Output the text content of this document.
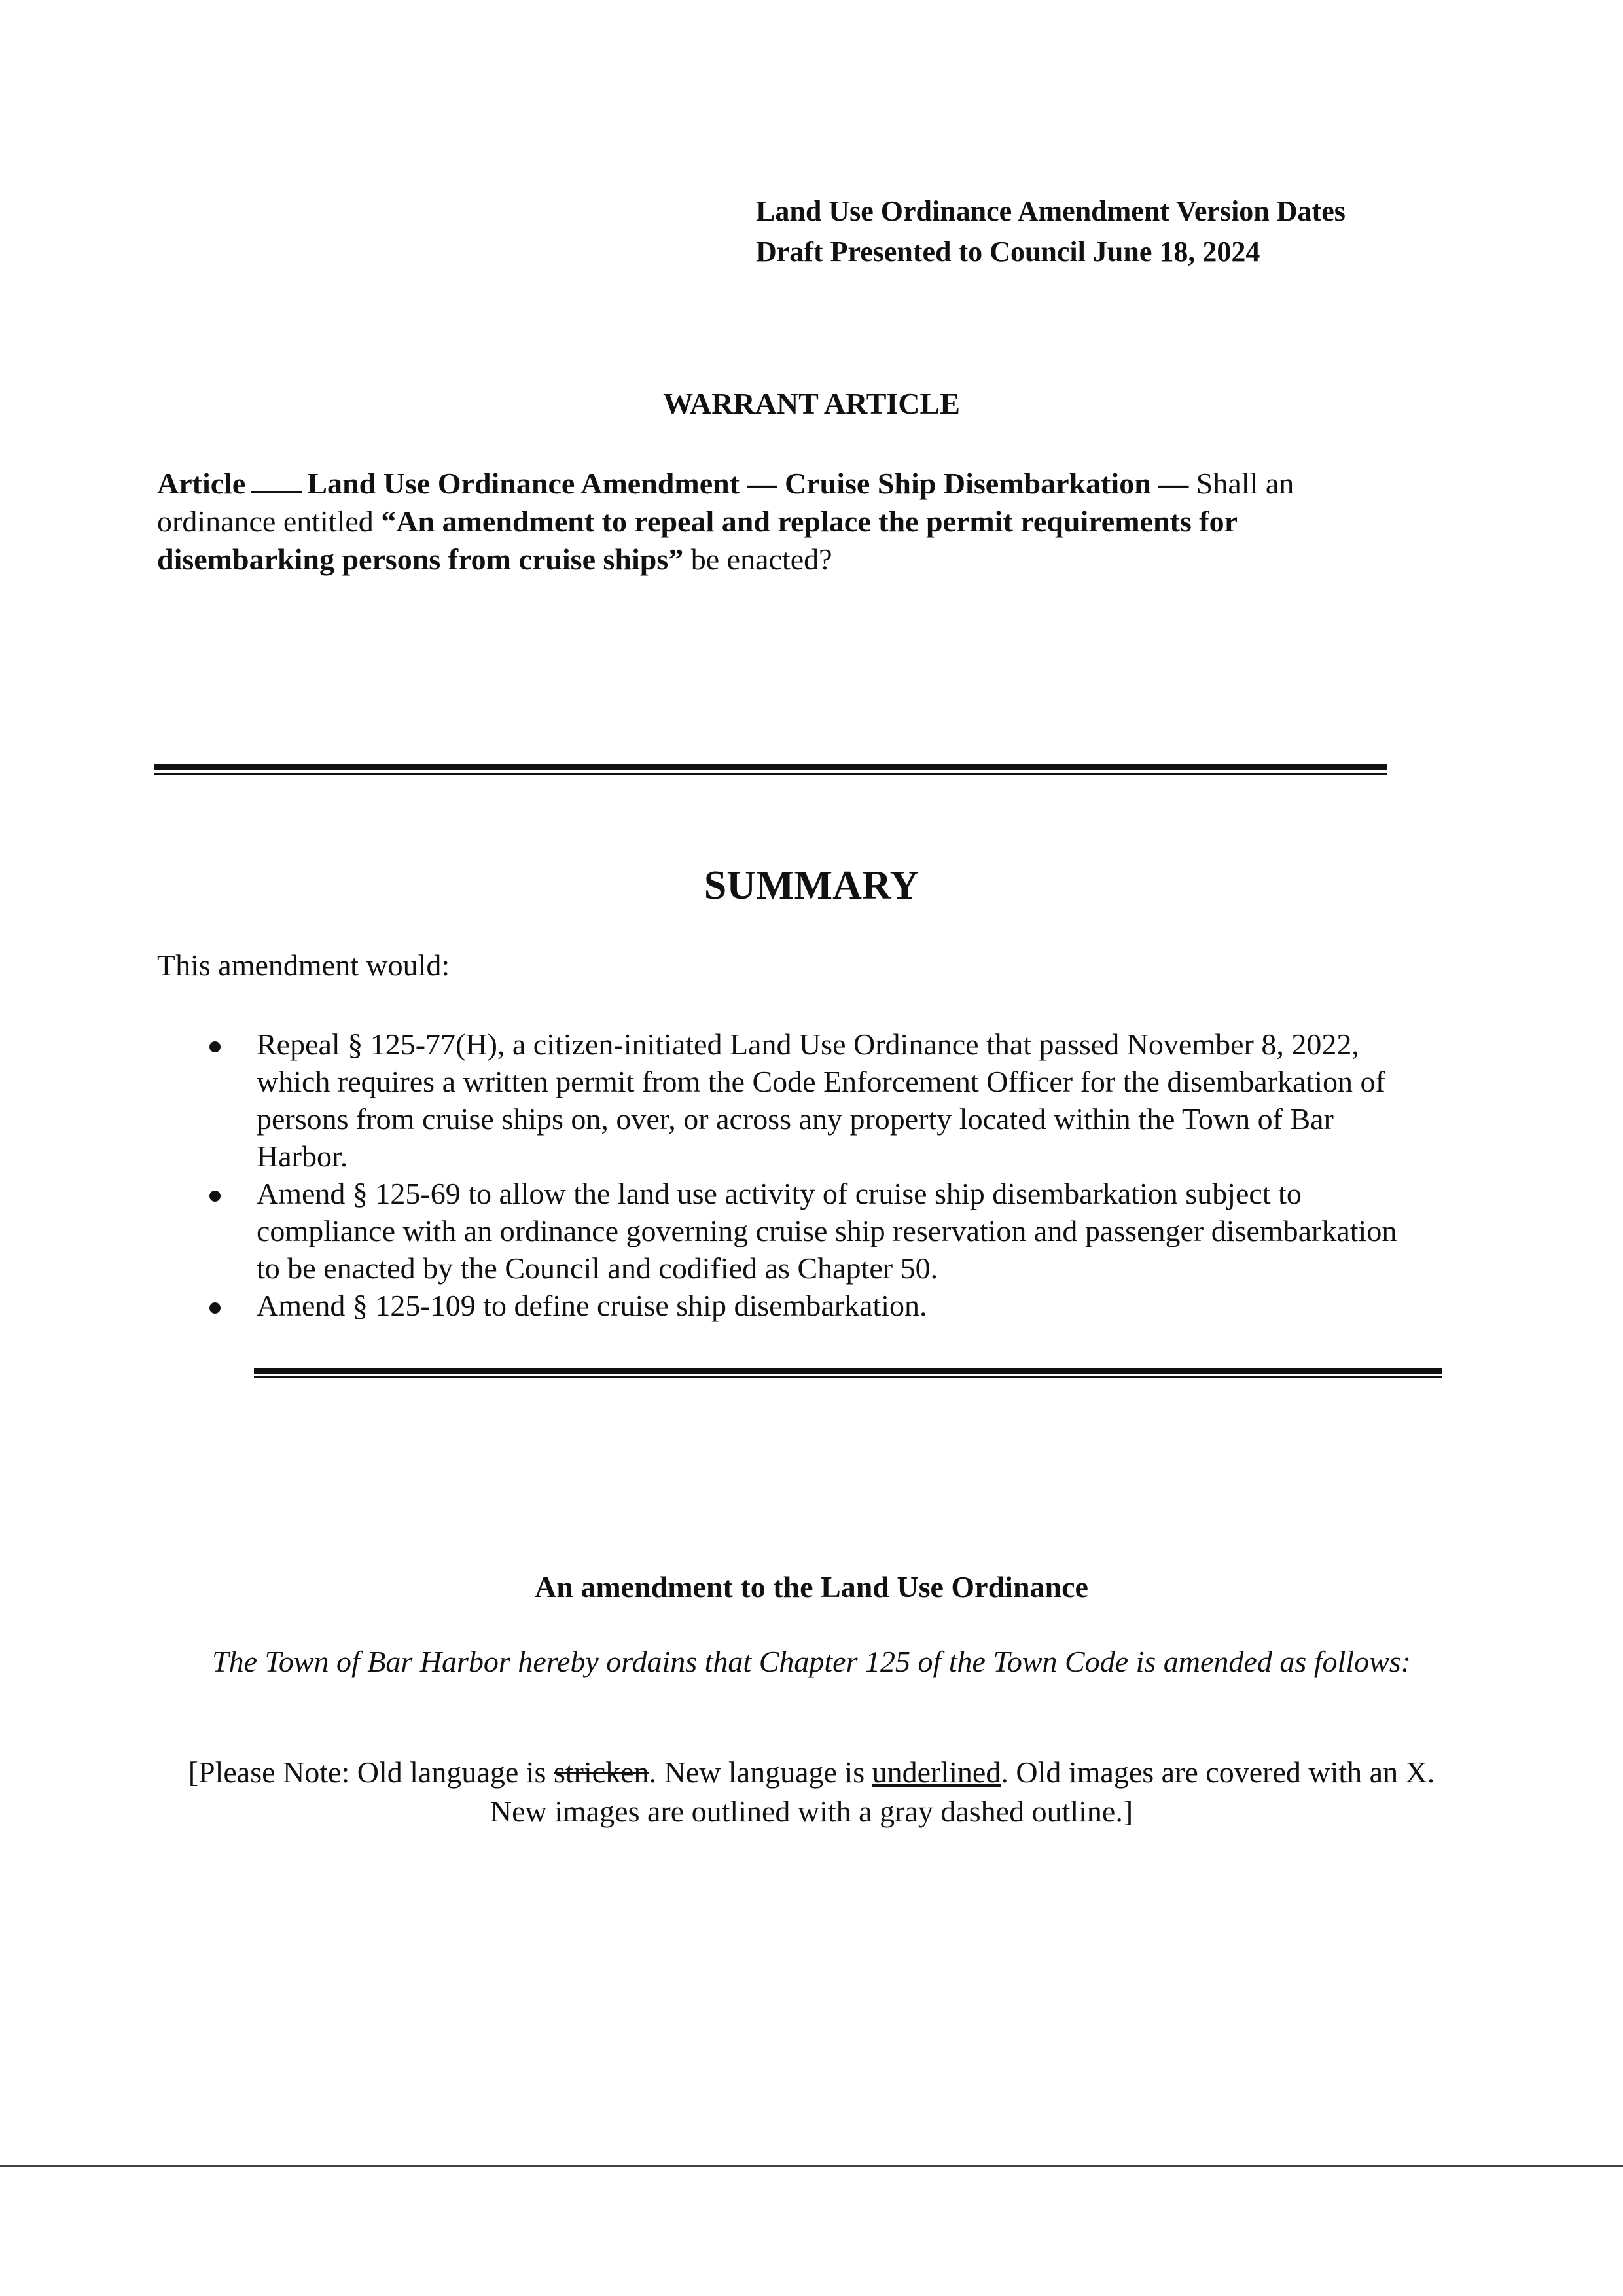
Land Use Ordinance Amendment Version Dates
Draft Presented to Council June 18, 2024
WARRANT ARTICLE
Article Land Use Ordinance Amendment — Cruise Ship Disembarkation — Shall an ordinance entitled “An amendment to repeal and replace the permit requirements for disembarking persons from cruise ships” be enacted?
SUMMARY
This amendment would:
Repeal § 125-77(H), a citizen-initiated Land Use Ordinance that passed November 8, 2022, which requires a written permit from the Code Enforcement Officer for the disembarkation of persons from cruise ships on, over, or across any property located within the Town of Bar Harbor.
Amend § 125-69 to allow the land use activity of cruise ship disembarkation subject to compliance with an ordinance governing cruise ship reservation and passenger disembarkation to be enacted by the Council and codified as Chapter 50.
Amend § 125-109 to define cruise ship disembarkation.
An amendment to the Land Use Ordinance
The Town of Bar Harbor hereby ordains that Chapter 125 of the Town Code is amended as follows:
[Please Note: Old language is stricken. New language is underlined. Old images are covered with an X. New images are outlined with a gray dashed outline.]
